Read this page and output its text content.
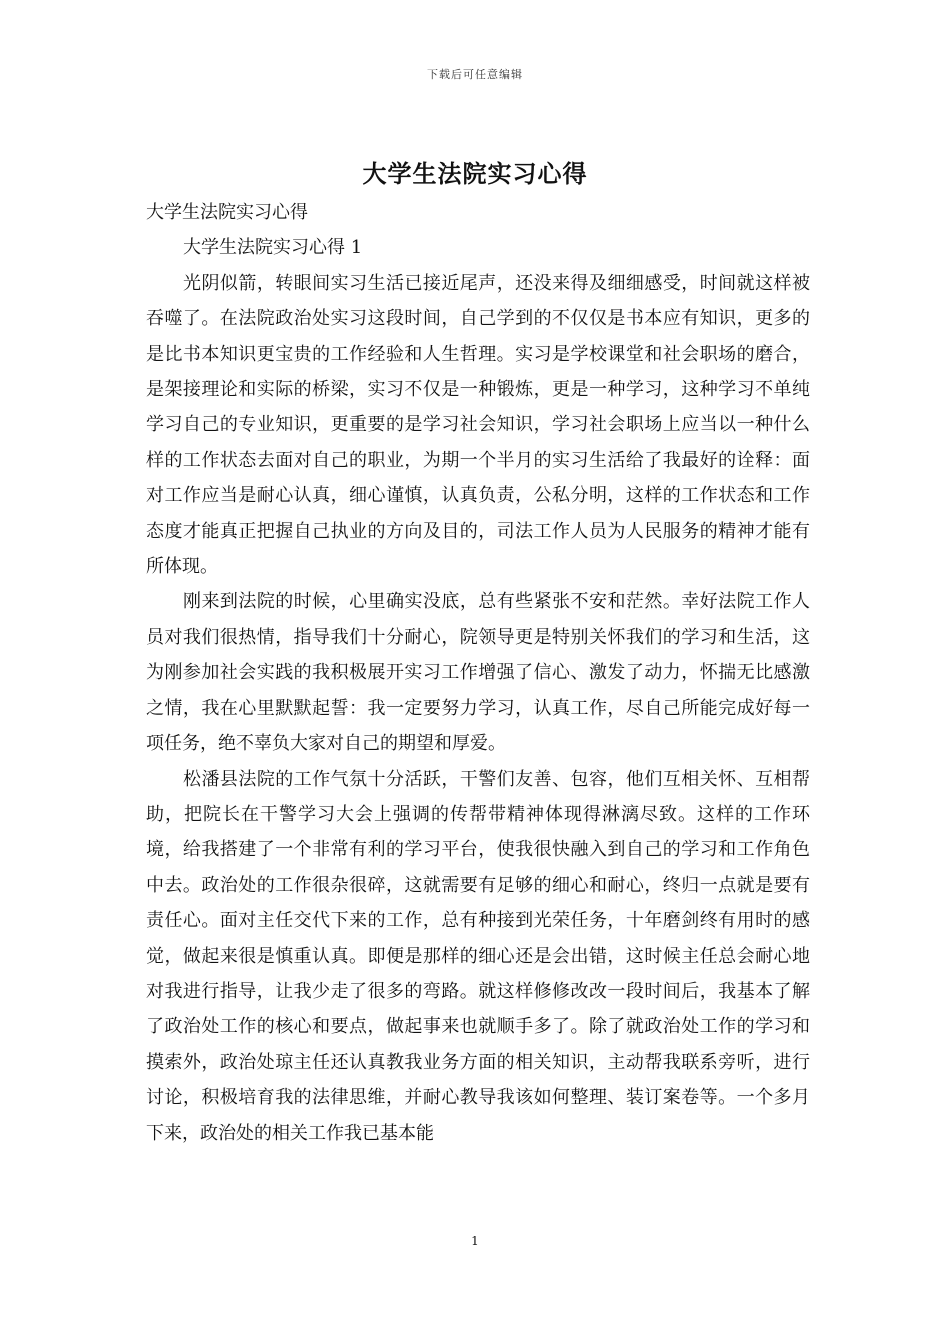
下载后可任意编辑
大学生法院实习心得

大学生法院实习心得

大学生法院实习心得 1

光阴似箭，转眼间实习生活已接近尾声，还没来得及细细感受，时间就这样被吞噬了。在法院政治处实习这段时间，自己学到的不仅仅是书本应有知识，更多的是比书本知识更宝贵的工作经验和人生哲理。实习是学校课堂和社会职场的磨合，是架接理论和实际的桥梁，实习不仅是一种锻炼，更是一种学习，这种学习不单纯学习自己的专业知识，更重要的是学习社会知识，学习社会职场上应当以一种什么样的工作状态去面对自己的职业，为期一个半月的实习生活给了我最好的诠释：面对工作应当是耐心认真，细心谨慎，认真负责，公私分明，这样的工作状态和工作态度才能真正把握自己执业的方向及目的，司法工作人员为人民服务的精神才能有所体现。

刚来到法院的时候，心里确实没底，总有些紧张不安和茫然。幸好法院工作人员对我们很热情，指导我们十分耐心，院领导更是特别关怀我们的学习和生活，这为刚参加社会实践的我积极展开实习工作增强了信心、激发了动力，怀揣无比感激之情，我在心里默默起誓：我一定要努力学习，认真工作，尽自己所能完成好每一项任务，绝不辜负大家对自己的期望和厚爱。

松潘县法院的工作气氛十分活跃，干警们友善、包容，他们互相关怀、互相帮助，把院长在干警学习大会上强调的传帮带精神体现得淋漓尽致。这样的工作环境，给我搭建了一个非常有利的学习平台，使我很快融入到自己的学习和工作角色中去。政治处的工作很杂很碎，这就需要有足够的细心和耐心，终归一点就是要有责任心。面对主任交代下来的工作，总有种接到光荣任务，十年磨剑终有用时的感觉，做起来很是慎重认真。即便是那样的细心还是会出错，这时候主任总会耐心地对我进行指导，让我少走了很多的弯路。就这样修修改改一段时间后，我基本了解了政治处工作的核心和要点，做起事来也就顺手多了。除了就政治处工作的学习和摸索外，政治处琼主任还认真教我业务方面的相关知识，主动帮我联系旁听，进行讨论，积极培育我的法律思维，并耐心教导我该如何整理、装订案卷等。一个多月下来，政治处的相关工作我已基本能

1
